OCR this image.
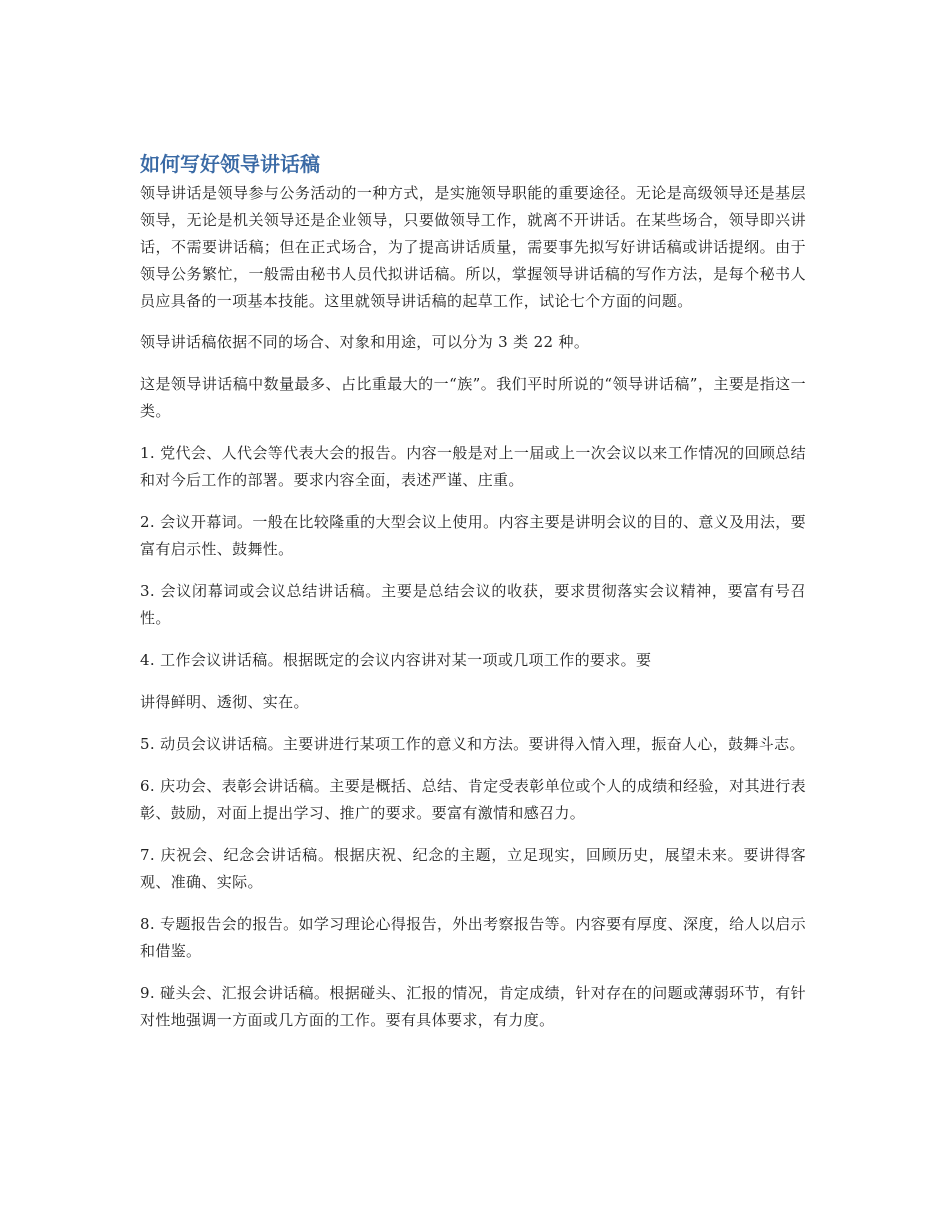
如何写好领导讲话稿

领导讲话是领导参与公务活动的一种方式，是实施领导职能的重要途径。无论是高级领导还是基层领导，无论是机关领导还是企业领导，只要做领导工作，就离不开讲话。在某些场合，领导即兴讲话，不需要讲话稿；但在正式场合，为了提高讲话质量，需要事先拟写好讲话稿或讲话提纲。由于领导公务繁忙，一般需由秘书人员代拟讲话稿。所以，掌握领导讲话稿的写作方法，是每个秘书人员应具备的一项基本技能。这里就领导讲话稿的起草工作，试论七个方面的问题。

领导讲话稿依据不同的场合、对象和用途，可以分为 3 类 22 种。

这是领导讲话稿中数量最多、占比重最大的一“族”。我们平时所说的“领导讲话稿”，主要是指这一类。

1. 党代会、人代会等代表大会的报告。内容一般是对上一届或上一次会议以来工作情况的回顾总结和对今后工作的部署。要求内容全面，表述严谨、庄重。

2. 会议开幕词。一般在比较隆重的大型会议上使用。内容主要是讲明会议的目的、意义及用法，要富有启示性、鼓舞性。

3. 会议闭幕词或会议总结讲话稿。主要是总结会议的收获，要求贯彻落实会议精神，要富有号召性。

4. 工作会议讲话稿。根据既定的会议内容讲对某一项或几项工作的要求。要

讲得鲜明、透彻、实在。

5. 动员会议讲话稿。主要讲进行某项工作的意义和方法。要讲得入情入理，振奋人心，鼓舞斗志。

6. 庆功会、表彰会讲话稿。主要是概括、总结、肯定受表彰单位或个人的成绩和经验，对其进行表彰、鼓励，对面上提出学习、推广的要求。要富有激情和感召力。

7. 庆祝会、纪念会讲话稿。根据庆祝、纪念的主题，立足现实，回顾历史，展望未来。要讲得客观、准确、实际。

8. 专题报告会的报告。如学习理论心得报告，外出考察报告等。内容要有厚度、深度，给人以启示和借鉴。

9. 碰头会、汇报会讲话稿。根据碰头、汇报的情况，肯定成绩，针对存在的问题或薄弱环节，有针对性地强调一方面或几方面的工作。要有具体要求，有力度。
